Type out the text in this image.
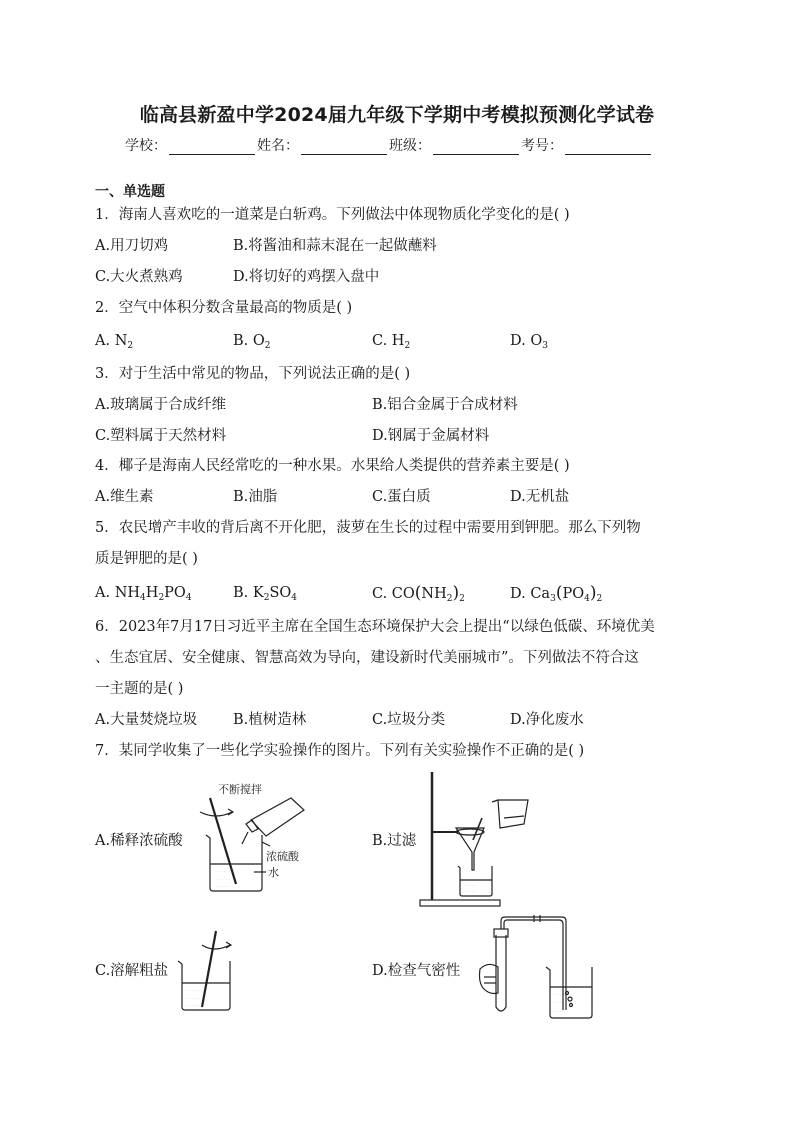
临高县新盈中学2024届九年级下学期中考模拟预测化学试卷
学校：	姓名：	班级：	考号：
一、单选题
1．海南人喜欢吃的一道菜是白斩鸡。下列做法中体现物质化学变化的是( )
A.用刀切鸡	B.将酱油和蒜末混在一起做蘸料
C.大火煮熟鸡	D.将切好的鸡摆入盘中
2．空气中体积分数含量最高的物质是( )
A. $N_2$	B. $O_2$	C. $H_2$	D. $O_3$
3．对于生活中常见的物品，下列说法正确的是( )
A.玻璃属于合成纤维	B.铝合金属于合成材料
C.塑料属于天然材料	D.钢属于金属材料
4．椰子是海南人民经常吃的一种水果。水果给人类提供的营养素主要是( )
A.维生素	B.油脂	C.蛋白质	D.无机盐
5．农民增产丰收的背后离不开化肥，菠萝在生长的过程中需要用到钾肥。那么下列物
质是钾肥的是( )
A. $NH_4H_2PO_4$	B. $K_2SO_4$	C. $CO(NH_2)_2$	D. $Ca_3(PO_4)_2$
6．2023年7月17日习近平主席在全国生态环境保护大会上提出“以绿色低碳、环境优美
、生态宜居、安全健康、智慧高效为导向，建设新时代美丽城市”。下列做法不符合这
一主题的是( )
A.大量焚烧垃圾 B.植树造林	C.垃圾分类	D.净化废水
7．某同学收集了一些化学实验操作的图片。下列有关实验操作不正确的是( )
A.稀释浓硫酸	B.过滤
C.溶解粗盐	D.检查气密性
· · · · · · · ·
· · · · · · · ·
· · · · · · · ·
不断搅拌
浓硫酸
水
· · · · · ·
· · · · · ·
· · · · · · · ·
· · · · · · · ·
· · · · · · · ·
· · · · · ·
· · · · · ·
· · · · · ·
